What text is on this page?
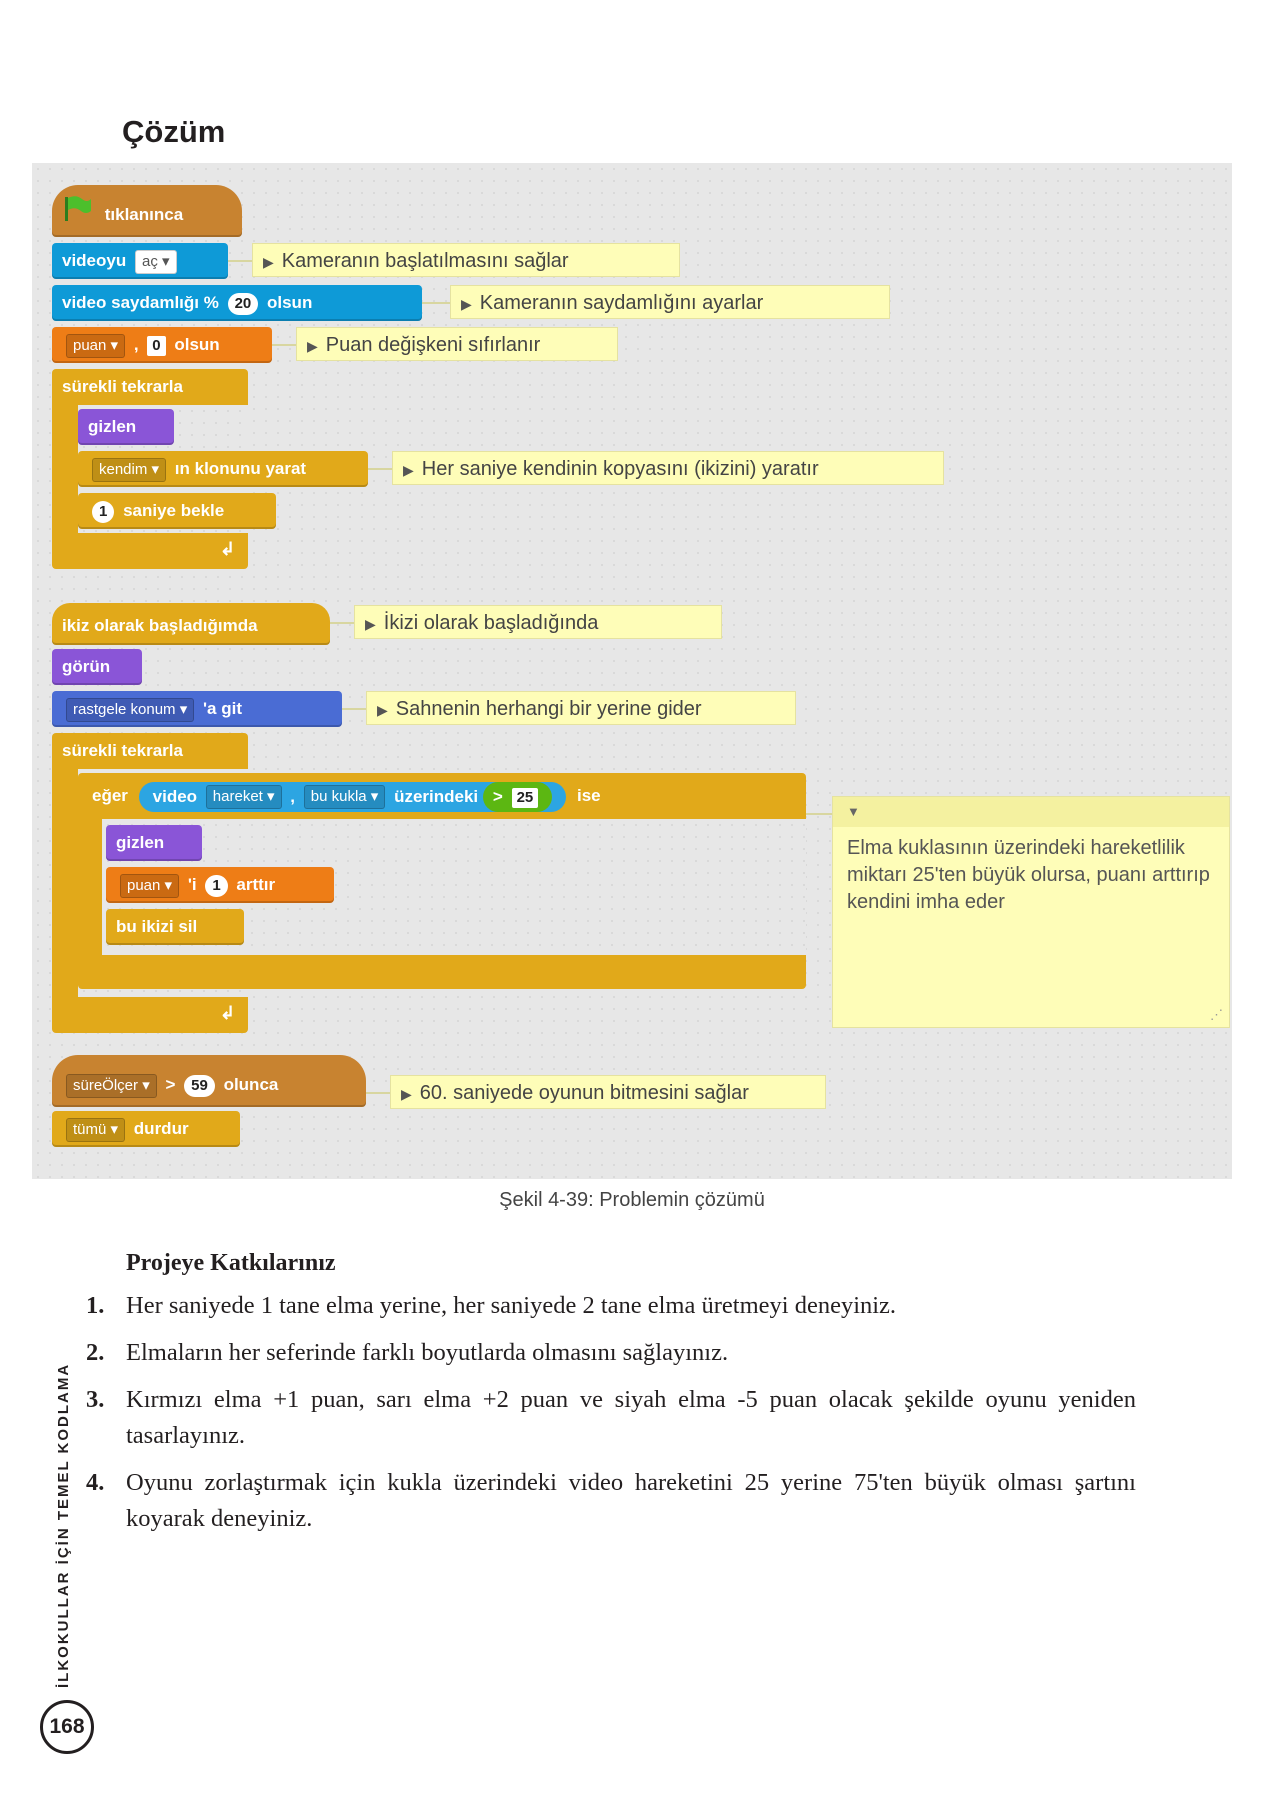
Çözüm
tıklanınca
videoyu aç ▾
video saydamlığı % 20 olsun
puan ▾ , 0 olsun
sürekli tekrarla
↲
gizlen
kendim ▾ ın klonunu yarat
1 saniye bekle
▶ Kameranın başlatılmasını sağlar
▶ Kameranın saydamlığını ayarlar
▶ Puan değişkeni sıfırlanır
▶ Her saniye kendinin kopyasını (ikizini) yaratır
ikiz olarak başladığımda
görün
rastgele konum ▾ 'a git
sürekli tekrarla
↲
eğer video hareket ▾ , bu kukla ▾ üzerindeki > 25	ise
gizlen
puan ▾ 'i 1 arttır
bu ikizi sil
▶ İkizi olarak başladığında
▶ Sahnenin herhangi bir yerine gider
▼
Elma kuklasının üzerindeki hareketlilik miktarı 25'ten büyük olursa, puanı arttırıp kendini imha eder
⋰
süreÖlçer ▾ > 59 olunca
tümü ▾ durdur
▶ 60. saniyede oyunun bitmesini sağlar
Şekil 4-39: Problemin çözümü
Projeye Katkılarınız
1. Her saniyede 1 tane elma yerine, her saniyede 2 tane elma üretmeyi deneyiniz.
2. Elmaların her seferinde farklı boyutlarda olmasını sağlayınız.
3. Kırmızı elma +1 puan, sarı elma +2 puan ve siyah elma -5 puan olacak şekilde oyunu yeniden tasarlayınız.
4. Oyunu zorlaştırmak için kukla üzerindeki video hareketini 25 yerine 75'ten büyük olması şartını koyarak deneyiniz.
İLKOKULLAR İÇİN TEMEL KODLAMA
168
